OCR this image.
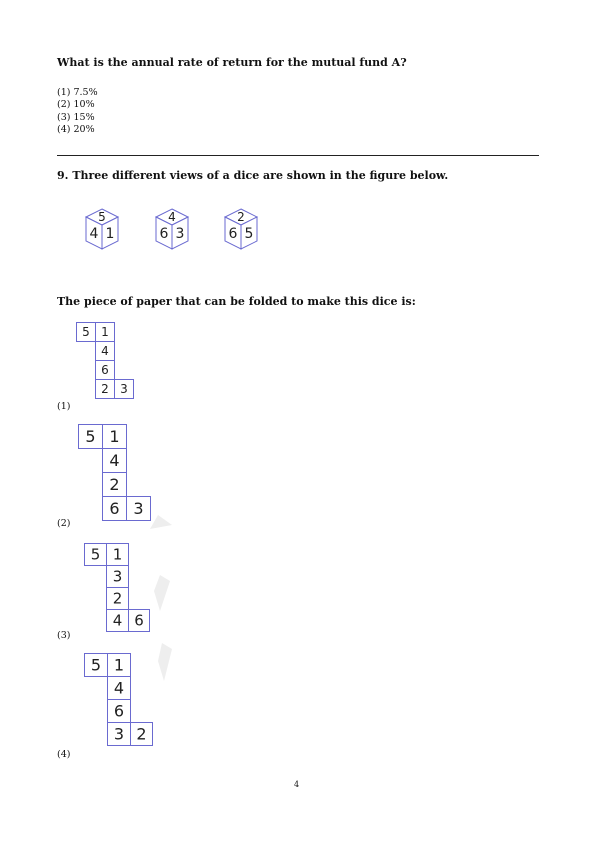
What is the annual rate of return for the mutual fund A?
(1) 7.5%
(2) 10%
(3) 15%
(4) 20%
9. Three different views of a dice are shown in the figure below.
5
4 1
4
6 3
2
6 5
The piece of paper that can be folded to make this dice is:
5 1
4
6
2 3
(1)
5 1
4
2
6 3
(2)
5 1
3
2
4 6
(3)
5 1
4
6
3 2
(4)
4
